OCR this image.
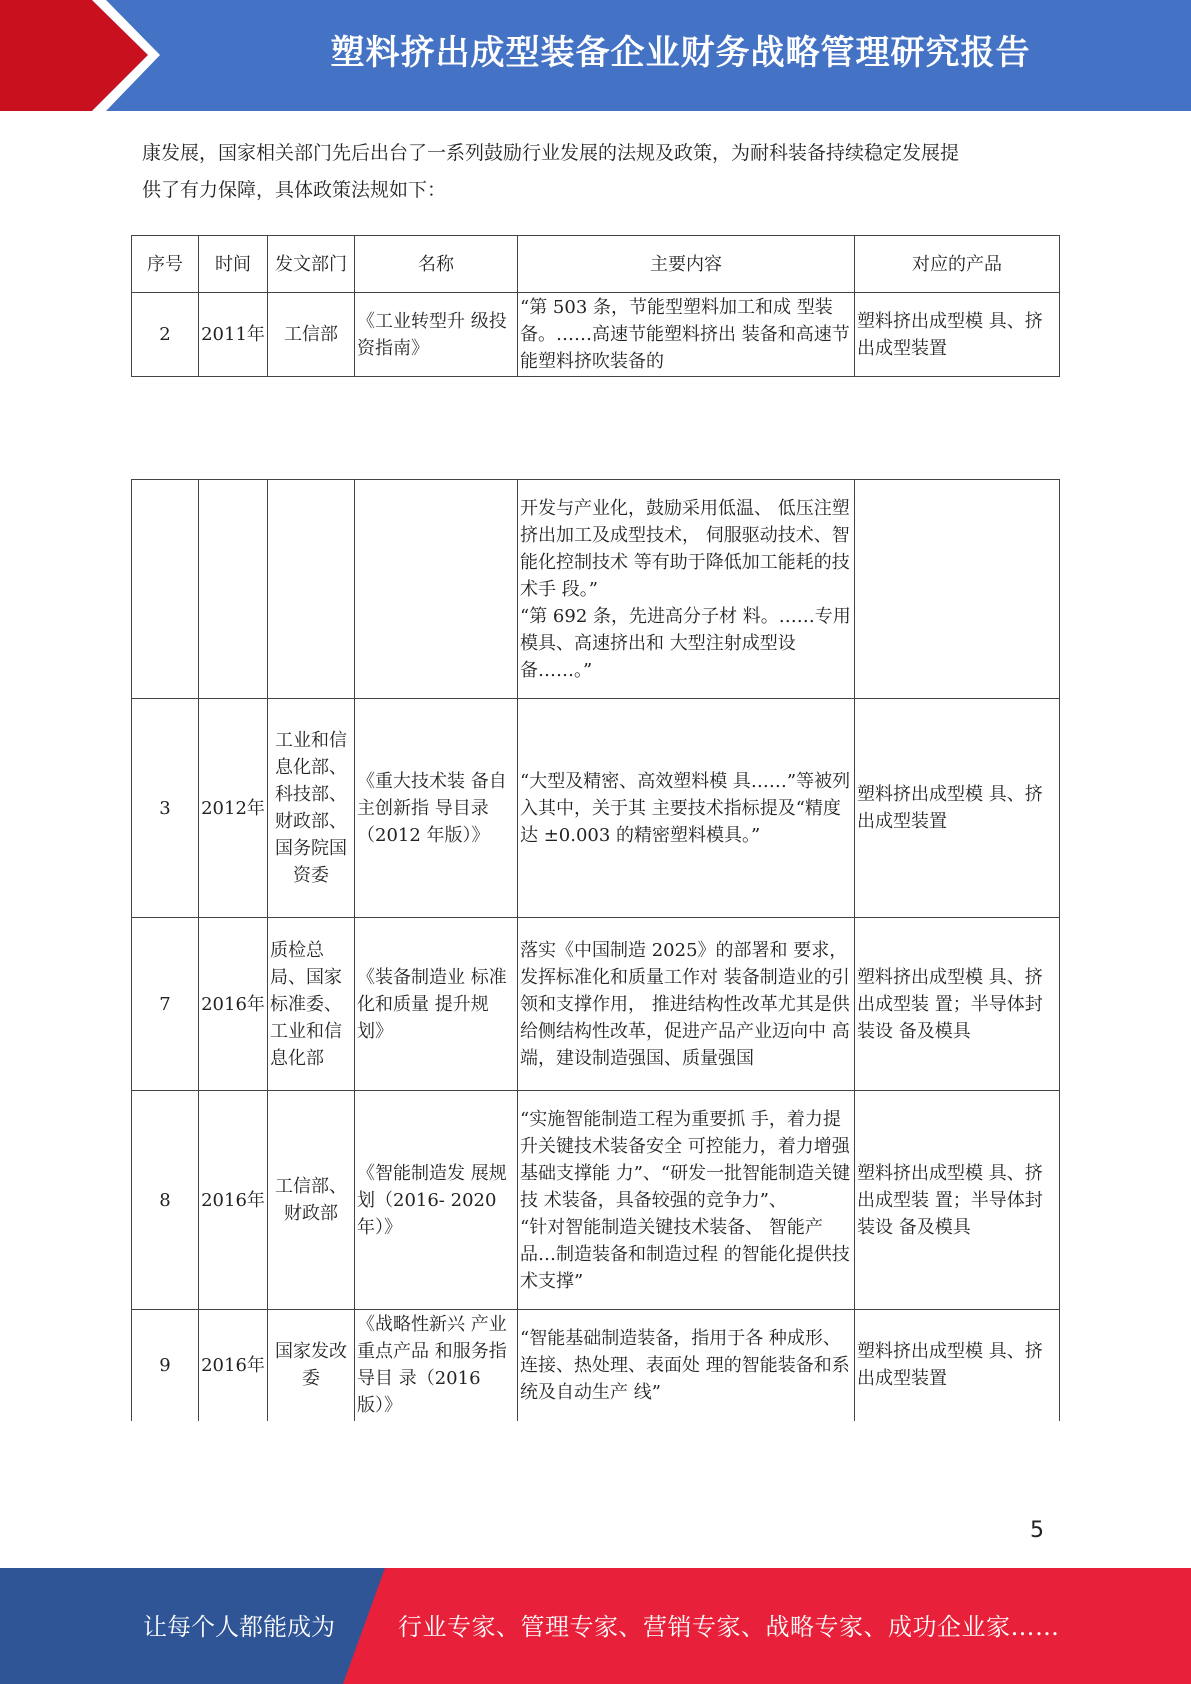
塑料挤出成型装备企业财务战略管理研究报告
康发展，国家相关部门先后出台了一系列鼓励行业发展的法规及政策，为耐科装备持续稳定发展提
供了有力保障，具体政策法规如下：
序号	时间	发文部门	名称	主要内容	对应的产品
2	2011年	工信部	《工业转型升 级投资指南》	“第 503 条，节能型塑料加工和成 型装备。……高速节能塑料挤出 装备和高速节能塑料挤吹装备的	塑料挤出成型模 具、挤出成型装置

				开发与产业化，鼓励采用低温、 低压注塑挤出加工及成型技术， 伺服驱动技术、智能化控制技术 等有助于降低加工能耗的技术手 段。”
“第 692 条，先进高分子材 料。……专用模具、高速挤出和 大型注射成型设备……。”	

3	2012年	工业和信息化部、科技部、财政部、国务院国资委	《重大技术装 备自主创新指 导目录（2012 年版）》	“大型及精密、高效塑料模 具……”等被列入其中，关于其 主要技术指标提及“精度达 ±0.003 的精密塑料模具。”	塑料挤出成型模 具、挤出成型装置
7	2016年	质检总局、国家标准委、工业和信息化部	《装备制造业 标准化和质量 提升规划》	落实《中国制造 2025》的部署和 要求，发挥标准化和质量工作对 装备制造业的引领和支撑作用， 推进结构性改革尤其是供给侧结构性改革，促进产品产业迈向中 高端，建设制造强国、质量强国	塑料挤出成型模 具、挤出成型装 置；半导体封装设 备及模具
8	2016年	工信部、财政部	《智能制造发 展规划（2016- 2020 年）》	“实施智能制造工程为重要抓 手，着力提升关键技术装备安全 可控能力，着力增强基础支撑能 力”、“研发一批智能制造关键技 术装备，具备较强的竞争力”、
“针对智能制造关键技术装备、 智能产品…制造装备和制造过程 的智能化提供技术支撑”	塑料挤出成型模 具、挤出成型装 置；半导体封装设 备及模具
9	2016年	国家发改委	《战略性新兴 产业重点产品 和服务指导目 录（2016 版）》	“智能基础制造装备，指用于各 种成形、连接、热处理、表面处 理的智能装备和系统及自动生产 线”	塑料挤出成型模 具、挤出成型装置
5
让每个人都能成为	行业专家、管理专家、营销专家、战略专家、成功企业家……
